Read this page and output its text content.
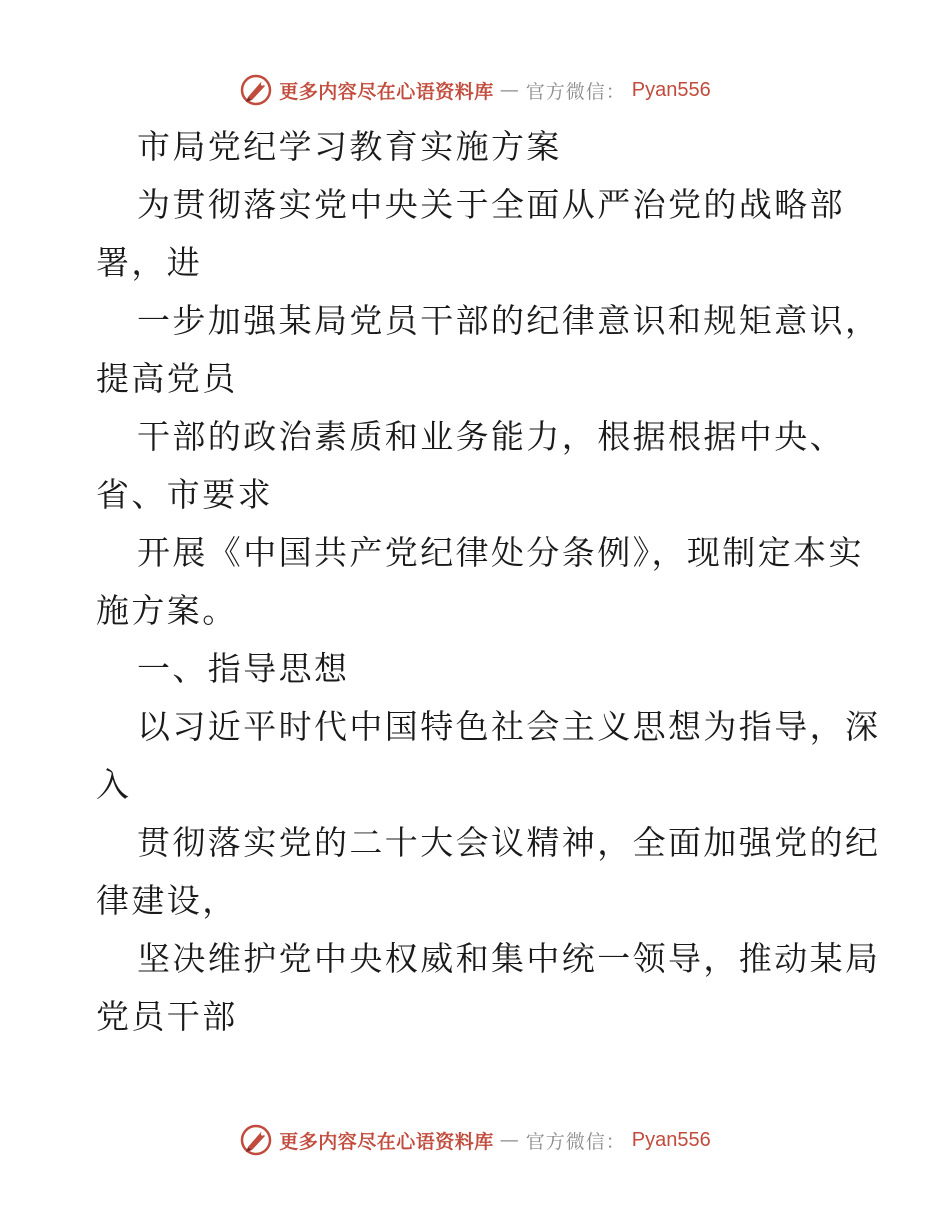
更多内容尽在心语资料库 — 官方微信： Pyan556
市局党纪学习教育实施方案
为贯彻落实党中央关于全面从严治党的战略部
署，进
一步加强某局党员干部的纪律意识和规矩意识，
提高党员
干部的政治素质和业务能力，根据根据中央、
省、市要求
开展《中国共产党纪律处分条例》，现制定本实
施方案。
一、指导思想
以习近平时代中国特色社会主义思想为指导，深
入
贯彻落实党的二十大会议精神，全面加强党的纪
律建设，
坚决维护党中央权威和集中统一领导，推动某局
党员干部
更多内容尽在心语资料库 — 官方微信： Pyan556
